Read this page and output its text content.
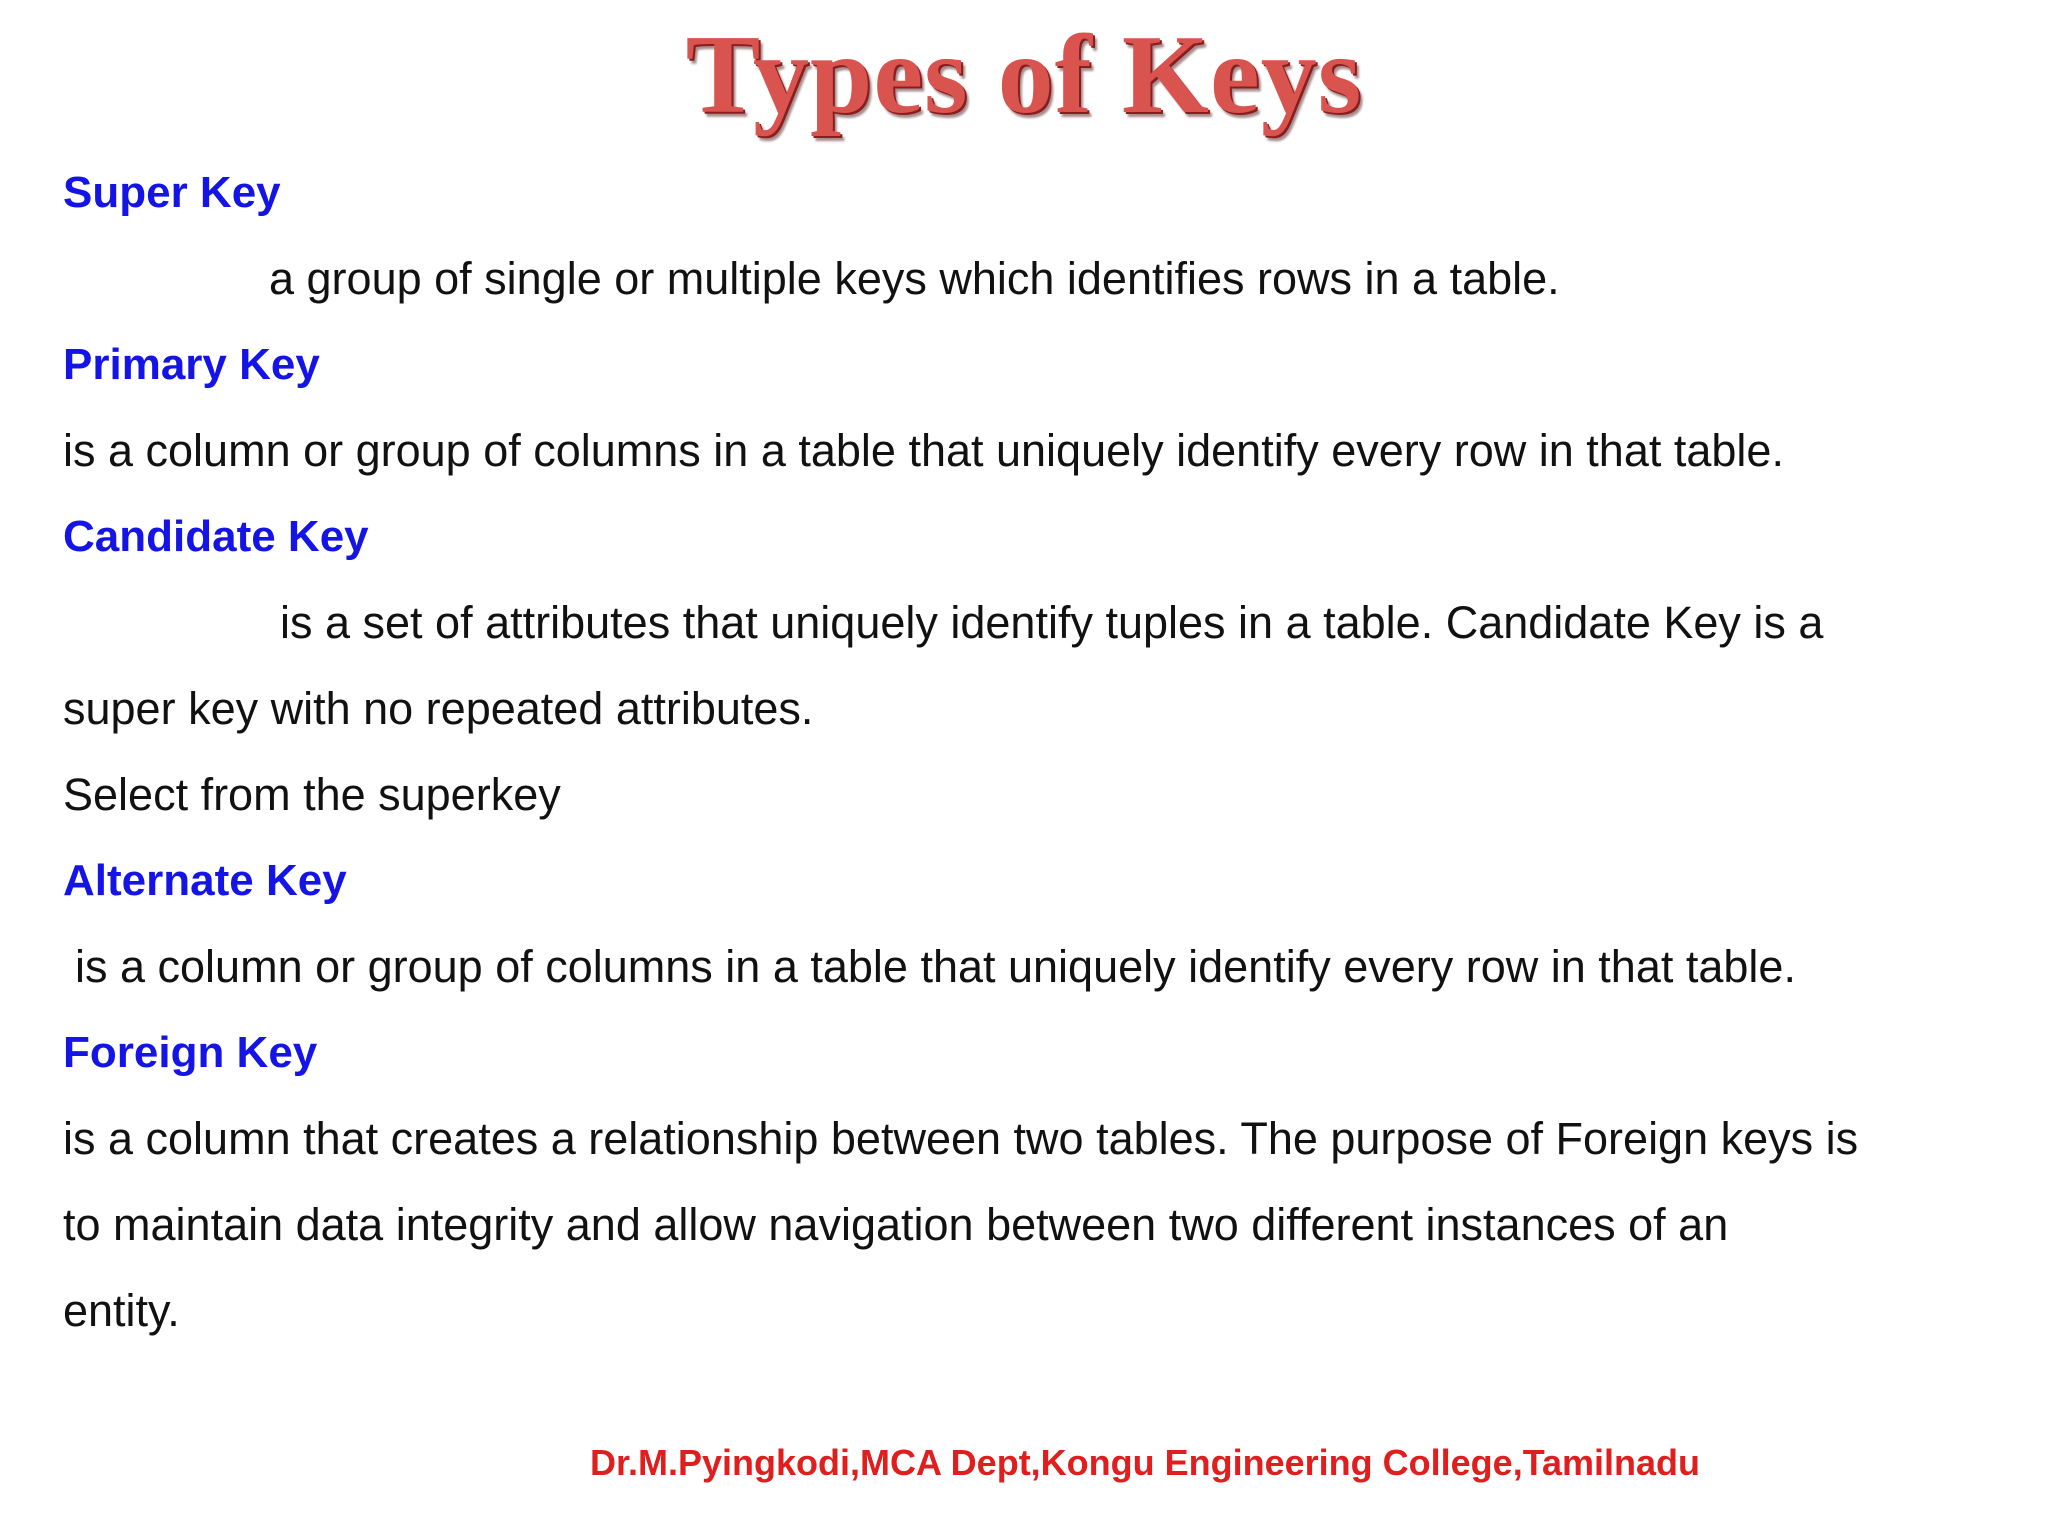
Types of Keys
Super Key
a group of single or multiple keys which identifies rows in a table.
Primary Key
is a column or group of columns in a table that uniquely identify every row in that table.
Candidate Key
is a set of attributes that uniquely identify tuples in a table. Candidate Key is a
super key with no repeated attributes.
Select from the superkey
Alternate Key
is a column or group of columns in a table that uniquely identify every row in that table.
Foreign Key
is a column that creates a relationship between two tables. The purpose of Foreign keys is
to maintain data integrity and allow navigation between two different instances of an
entity.
Dr.M.Pyingkodi,MCA Dept,Kongu Engineering College,Tamilnadu
